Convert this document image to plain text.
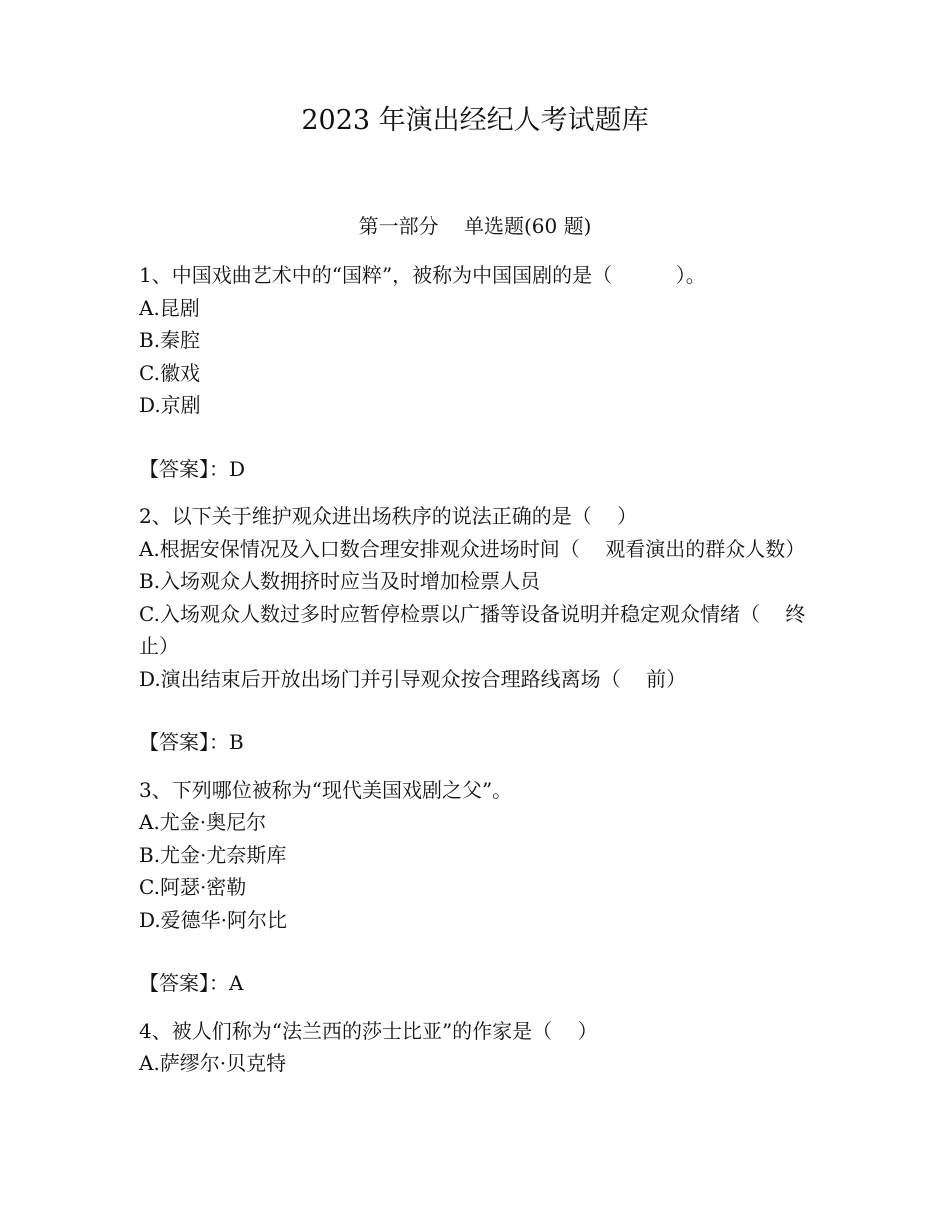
2023 年演出经纪人考试题库
第一部分    单选题(60 题)

1、中国戏曲艺术中的“国粹”，被称为中国国剧的是（          ）。

A.昆剧

B.秦腔

C.徽戏

D.京剧

【答案】：D

2、以下关于维护观众进出场秩序的说法正确的是（    ）

A.根据安保情况及入口数合理安排观众进场时间（    观看演出的群众人数）

B.入场观众人数拥挤时应当及时增加检票人员

C.入场观众人数过多时应暂停检票以广播等设备说明并稳定观众情绪（    终止）

D.演出结束后开放出场门并引导观众按合理路线离场（    前）

【答案】：B

3、下列哪位被称为“现代美国戏剧之父”。

A.尤金·奥尼尔

B.尤金·尤奈斯库

C.阿瑟·密勒

D.爱德华·阿尔比

【答案】：A

4、被人们称为“法兰西的莎士比亚”的作家是（    ）

A.萨缪尔·贝克特
